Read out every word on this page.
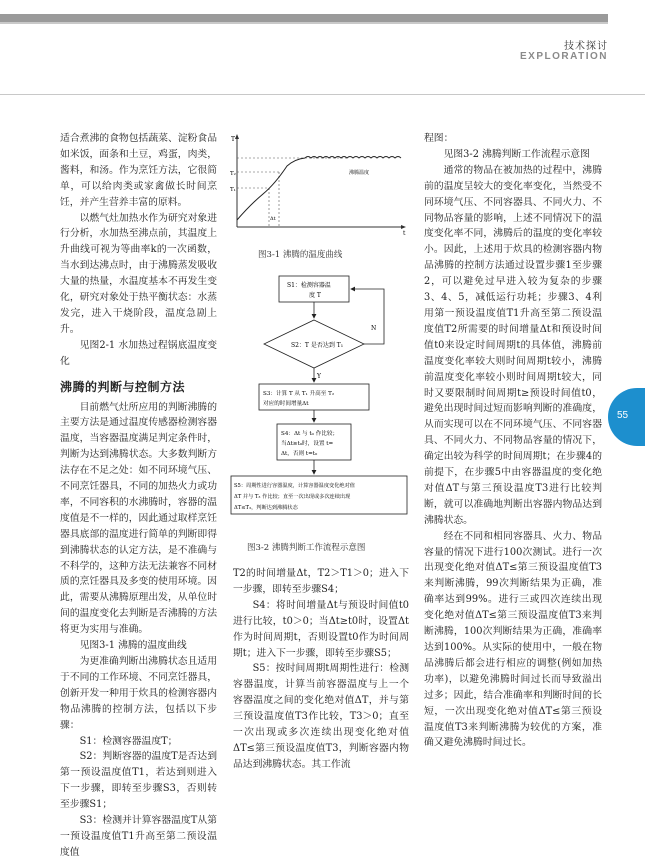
技术探讨
EXPLORATION
55

适合煮沸的食物包括蔬菜、淀粉食品如米饭，面条和土豆，鸡蛋，肉类，酱料，和汤。作为烹饪方法，它很简单，可以给肉类或家禽做长时间烹饪，并产生营养丰富的原料。

以燃气灶加热水作为研究对象进行分析，水加热至沸点前，其温度上升曲线可视为等曲率k的一次函数，当水到达沸点时，由于沸腾蒸发吸收大量的热量，水温度基本不再发生变化，研究对象处于热平衡状态：水蒸发完，进入干烧阶段，温度急剧上升。

见图2-1 水加热过程锅底温度变化

沸腾的判断与控制方法

目前燃气灶所应用的判断沸腾的主要方法是通过温度传感器检测容器温度，当容器温度满足判定条件时，判断为达到沸腾状态。大多数判断方法存在不足之处：如不同环境气压、不同烹饪器具，不同的加热火力或功率，不同容积的水沸腾时，容器的温度值是不一样的，因此通过取样烹饪器具底部的温度进行简单的判断即得到沸腾状态的认定方法，是不准确与不科学的，这种方法无法兼容不同材质的烹饪器具及多变的使用环境。因此，需要从沸腾原理出发，从单位时间的温度变化去判断是否沸腾的方法将更为实用与准确。

见图3-1 沸腾的温度曲线

为更准确判断出沸腾状态且适用于不同的工作环境、不同烹饪器具，创新开发一种用于炊具的检测容器内物品沸腾的控制方法，包括以下步骤：

S1：检测容器温度T；

S2：判断容器的温度T是否达到第一预设温度值T1，若达到则进入下一步骤，即转至步骤S3，否则转至步骤S1；

S3：检测并计算容器温度T从第一预设温度值T1升高至第二预设温度值

T
t
T₂
T₁
Δt
沸腾温度
图3-1 沸腾的温度曲线
S1：检测容器温
度 T
S2：T 是否达到 T₁
N
Y
S3：计算 T 从 T₁ 升高至 T₂
对应的时间增量Δt
S4：Δt 与 t₀ 作比较；
当Δt≥t₀时，设置 t=
Δt，否则 t=t₀
S5：周期性进行容器温度，计算容器温度变化绝对值
ΔT 并与 T₃ 作比较；直至一次出现或多次连续出现
ΔT≤T₃，判断达到沸腾状态
图3-2 沸腾判断工作流程示意图

T2的时间增量Δt，T2＞T1＞0；进入下一步骤，即转至步骤S4；

S4：将时间增量Δt与预设时间值t0进行比较，t0＞0；当Δt≥t0时，设置Δt作为时间周期t，否则设置t0作为时间周期t；进入下一步骤，即转至步骤S5；

S5：按时间周期t周期性进行：检测容器温度，计算当前容器温度与上一个容器温度之间的变化绝对值ΔT，并与第三预设温度值T3作比较，T3＞0；直至一次出现或多次连续出现变化绝对值ΔT≤第三预设温度值T3，判断容器内物品达到沸腾状态。其工作流

程图：

见图3-2 沸腾判断工作流程示意图

通常的物品在被加热的过程中，沸腾前的温度呈较大的变化率变化，当然受不同环境气压、不同容器具、不同火力、不同物品容量的影响，上述不同情况下的温度变化率不同，沸腾后的温度的变化率较小。因此，上述用于炊具的检测容器内物品沸腾的控制方法通过设置步骤1至步骤2，可以避免过早进入较为复杂的步骤3、4、5，减低运行功耗；步骤3、4利用第一预设温度值T1升高至第二预设温度值T2所需要的时间增量Δt和预设时间值t0来设定时间周期t的具体值，沸腾前温度变化率较大则时间周期t较小，沸腾前温度变化率较小则时间周期t较大，同时又要限制时间周期t≥预设时间值t0，避免出现时间过短而影响判断的准确度，从而实现可以在不同环境气压、不同容器具、不同火力、不同物品容量的情况下，确定出较为科学的时间周期t；在步骤4的前提下，在步骤5中由容器温度的变化绝对值ΔT与第三预设温度T3进行比较判断，就可以准确地判断出容器内物品达到沸腾状态。

经在不同和相同容器具、火力、物品容量的情况下进行100次测试。进行一次出现变化绝对值ΔT≤第三预设温度值T3来判断沸腾，99次判断结果为正确，准确率达到99%。进行三或四次连续出现变化绝对值ΔT≤第三预设温度值T3来判断沸腾，100次判断结果为正确，准确率达到100%。从实际的使用中，一般在物品沸腾后都会进行相应的调整(例如加热功率)，以避免沸腾时间过长而导致溢出过多；因此，结合准确率和判断时间的长短，一次出现变化绝对值ΔT≤第三预设温度值T3来判断沸腾为较优的方案，准确又避免沸腾时间过长。
